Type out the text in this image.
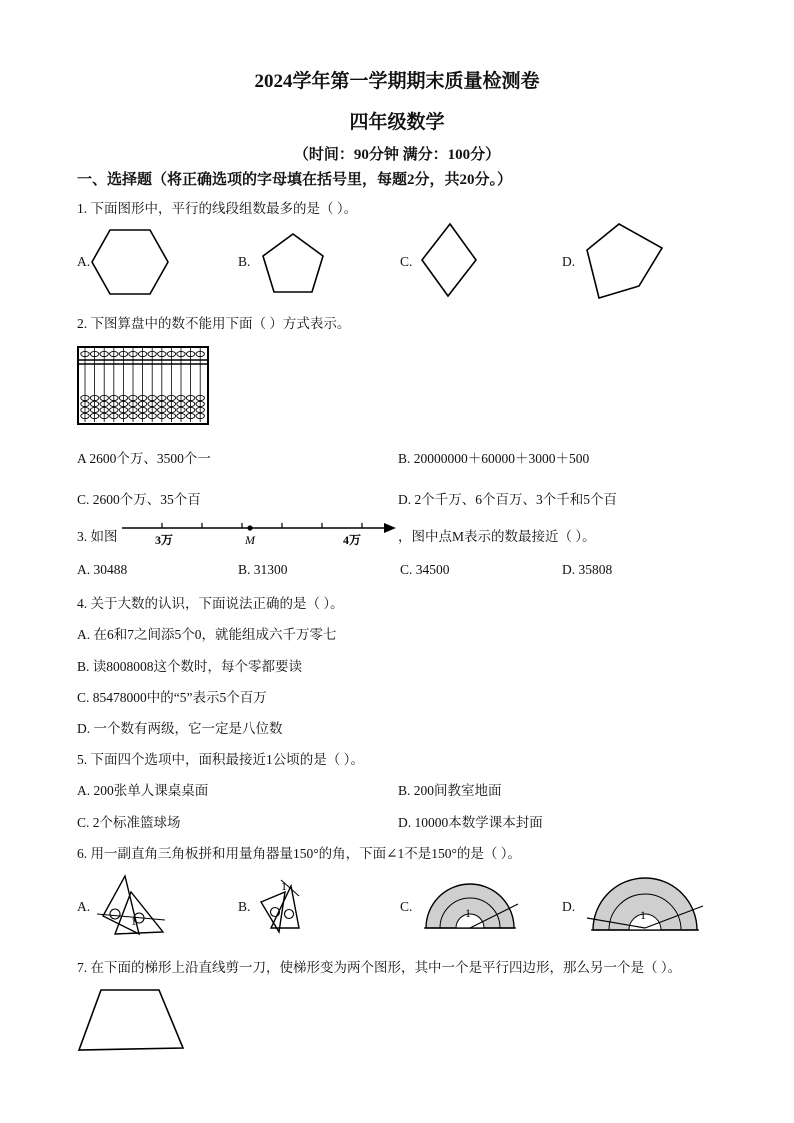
2024学年第一学期期末质量检测卷
四年级数学
（时间：90分钟 满分：100分）
一、选择题（将正确选项的字母填在括号里，每题2分，共20分。）
1. 下面图形中，平行的线段组数最多的是（ ）。
A.	B.	C.	D.
2. 下图算盘中的数不能用下面（ ）方式表示。
A 2600个万、3500个一	B. 20000000＋60000＋3000＋500
C. 2600个万、35个百	D. 2个千万、6个百万、3个千和5个百
3. 如图	3万	M	4万	，图中点M表示的数最接近（ ）。
A. 30488	B. 31300	C. 34500	D. 35808
4. 关于大数的认识，下面说法正确的是（ ）。
A. 在6和7之间添5个0，就能组成六千万零七
B. 读8008008这个数时，每个零都要读
C. 85478000中的“5”表示5个百万
D. 一个数有两级，它一定是八位数
5. 下面四个选项中，面积最接近1公顷的是（ ）。
A. 200张单人课桌桌面	B. 200间教室地面
C. 2个标准篮球场	D. 10000本数学课本封面
6. 用一副直角三角板拼和用量角器量150°的角，下面∠1不是150°的是（ ）。
A.
1
B.
1
C.	1	D.
1
7. 在下面的梯形上沿直线剪一刀，使梯形变为两个图形，其中一个是平行四边形，那么另一个是（ ）。
